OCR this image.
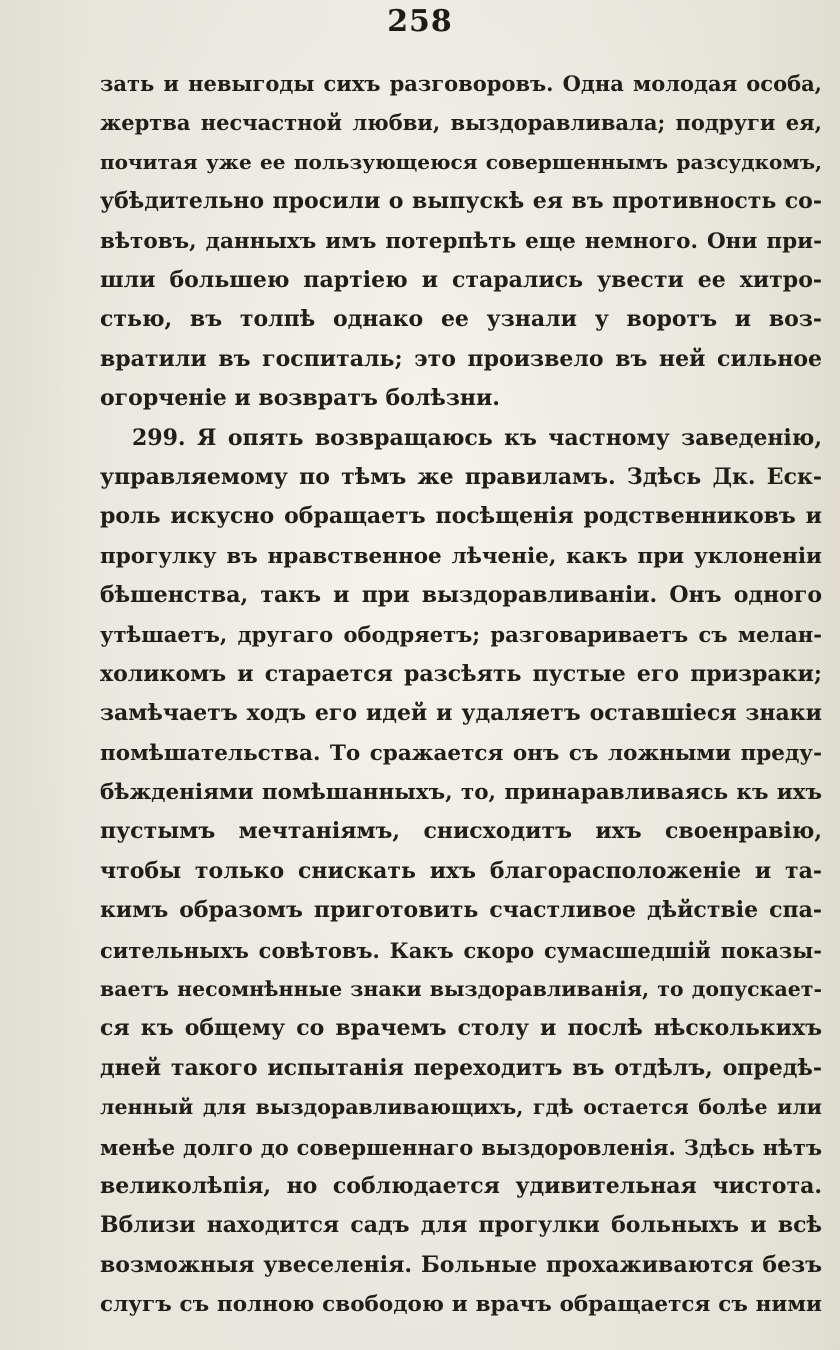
258
зать и невыгоды сихъ разговоровъ. Одна молодая особа,
жертва несчастной любви, выздоравливала; подруги ея,
почитая уже ее пользующеюся совершеннымъ разсудкомъ,
убѣдительно просили о выпускѣ ея въ противность со-
вѣтовъ, данныхъ имъ потерпѣть еще немного. Они при-
шли большею партiею и старались увести ее хитро-
стью, въ толпѣ однако ее узнали у воротъ и воз-
вратили въ госпиталь; это произвело въ ней сильное
огорченiе и возвратъ болѣзни.
299. Я опять возвращаюсь къ частному заведенiю,
управляемому по тѣмъ же правиламъ. Здѣсь Дк. Еск-
роль искусно обращаетъ посѣщенiя родственниковъ и
прогулку въ нравственное лѣченiе, какъ при уклоненiи
бѣшенства, такъ и при выздоравливанiи. Онъ одного
утѣшаетъ, другаго ободряетъ; разговариваетъ съ мелан-
холикомъ и старается разсѣять пустые его призраки;
замѣчаетъ ходъ его идей и удаляетъ оставшiеся знаки
помѣшательства. То сражается онъ съ ложными преду-
бѣжденiями помѣшанныхъ, то, принаравливаясь къ ихъ
пустымъ мечтанiямъ, снисходитъ ихъ своенравiю,
чтобы только снискать ихъ благорасположенiе и та-
кимъ образомъ приготовить счастливое дѣйствiе спа-
сительныхъ совѣтовъ. Какъ скоро сумасшедшiй показы-
ваетъ несомнѣнные знаки выздоравливанiя, то допускает-
ся къ общему со врачемъ столу и послѣ нѣсколькихъ
дней такого испытанiя переходитъ въ отдѣлъ, опредѣ-
ленный для выздоравливающихъ, гдѣ остается болѣе или
менѣе долго до совершеннаго выздоровленiя. Здѣсь нѣтъ
великолѣпiя, но соблюдается удивительная чистота.
Вблизи находится садъ для прогулки больныхъ и всѣ
возможныя увеселенiя. Больные прохаживаются безъ
слугъ съ полною свободою и врачъ обращается съ ними
